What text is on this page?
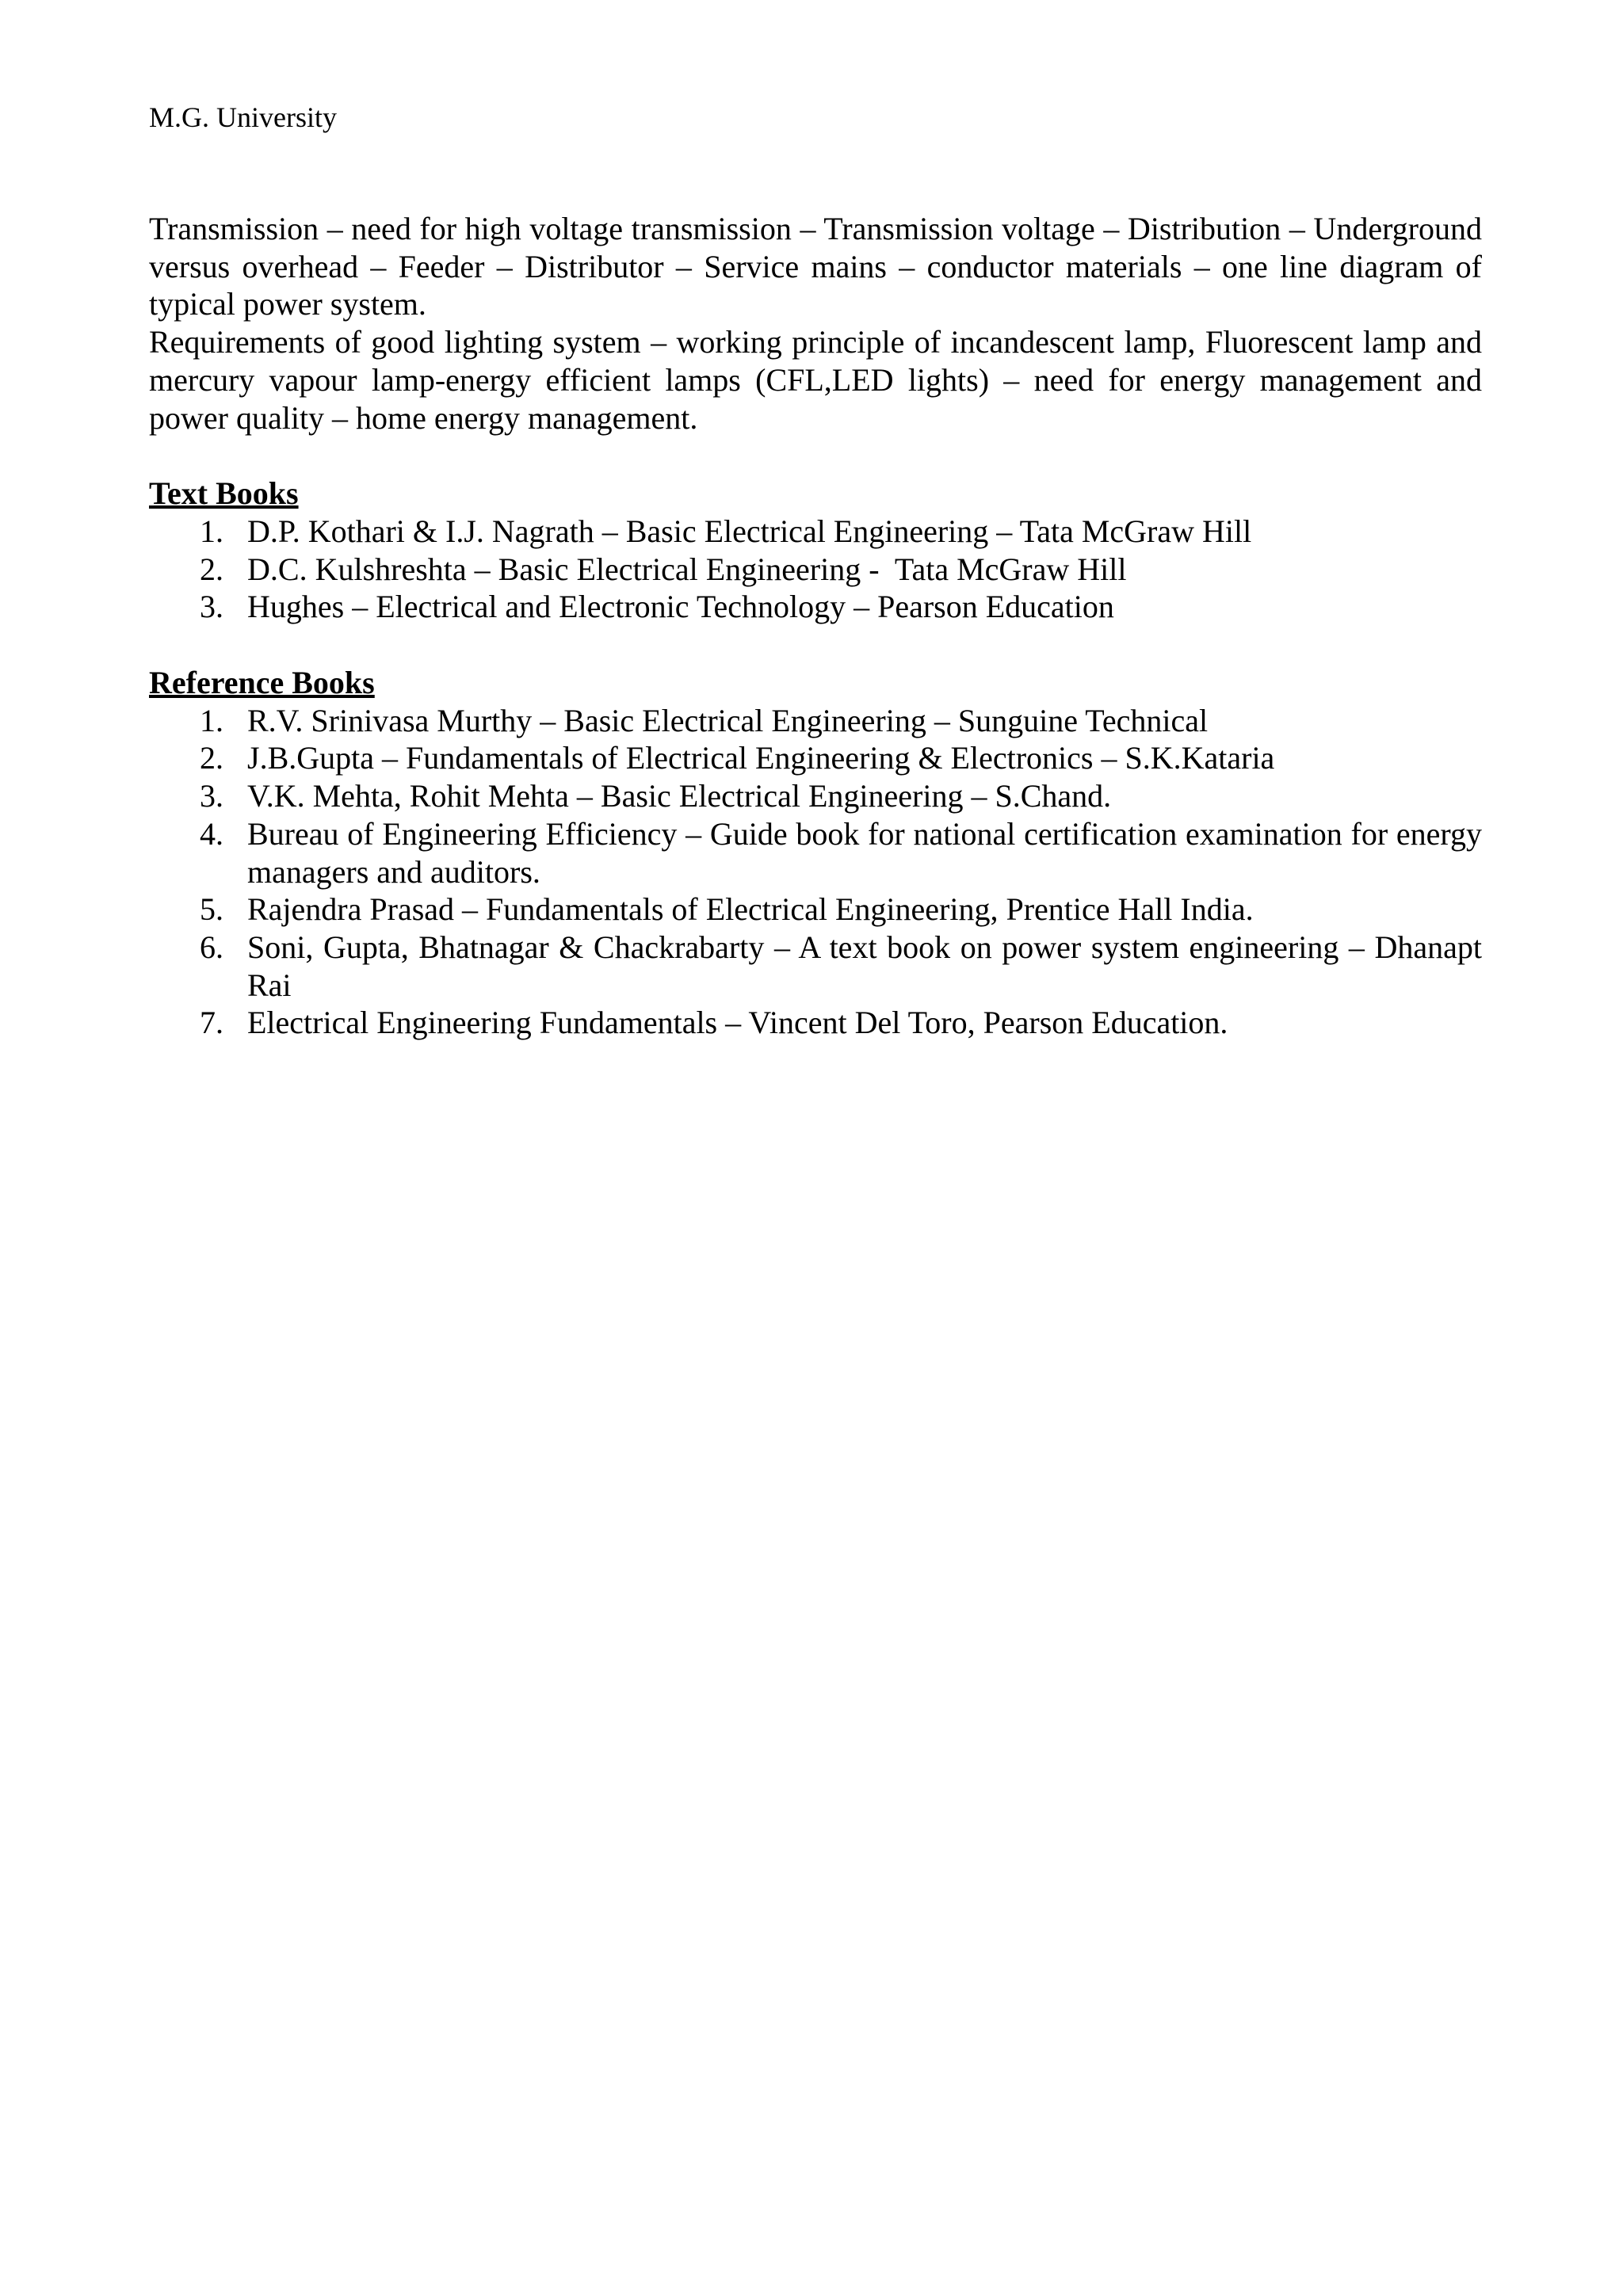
M.G. University

Transmission – need for high voltage transmission – Transmission voltage – Distribution – Underground versus overhead – Feeder – Distributor – Service mains – conductor materials – one line diagram of typical power system.

Requirements of good lighting system – working principle of incandescent lamp, Fluorescent lamp and mercury vapour lamp-energy efficient lamps (CFL,LED lights) – need for energy management and power quality – home energy management.

Text Books

1. D.P. Kothari & I.J. Nagrath – Basic Electrical Engineering – Tata McGraw Hill
2. D.C. Kulshreshta – Basic Electrical Engineering -  Tata McGraw Hill
3. Hughes – Electrical and Electronic Technology – Pearson Education

Reference Books

1. R.V. Srinivasa Murthy – Basic Electrical Engineering – Sunguine Technical
2. J.B.Gupta – Fundamentals of Electrical Engineering & Electronics – S.K.Kataria
3. V.K. Mehta, Rohit Mehta – Basic Electrical Engineering – S.Chand.
4. Bureau of Engineering Efficiency – Guide book for national certification examination for energy managers and auditors.
5. Rajendra Prasad – Fundamentals of Electrical Engineering, Prentice Hall India.
6. Soni, Gupta, Bhatnagar & Chackrabarty – A text book on power system engineering – Dhanapt Rai
7. Electrical Engineering Fundamentals – Vincent Del Toro, Pearson Education.
